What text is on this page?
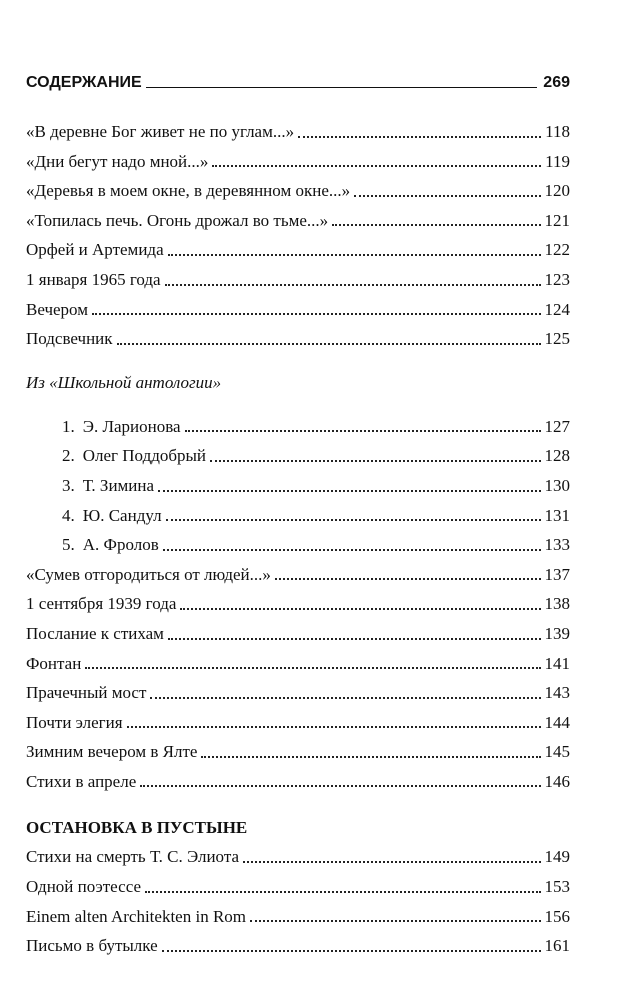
СОДЕРЖАНИЕ	269
«В деревне Бог живет не по углам...»	118
«Дни бегут надо мной...»	119
«Деревья в моем окне, в деревянном окне...»	120
«Топилась печь. Огонь дрожал во тьме...»	121
Орфей и Артемида	122
1 января 1965 года	123
Вечером	124
Подсвечник	125
Из «Школьной антологии»
1. Э. Ларионова	127
2. Олег Поддобрый	128
3. Т. Зимина	130
4. Ю. Сандул	131
5. А. Фролов	133
«Сумев отгородиться от людей...»	137
1 сентября 1939 года	138
Послание к стихам	139
Фонтан	141
Прачечный мост	143
Почти элегия	144
Зимним вечером в Ялте	145
Стихи в апреле	146
ОСТАНОВКА В ПУСТЫНЕ
Стихи на смерть Т. С. Элиота	149
Одной поэтессе	153
Einem alten Architekten in Rom	156
Письмо в бутылке	161
